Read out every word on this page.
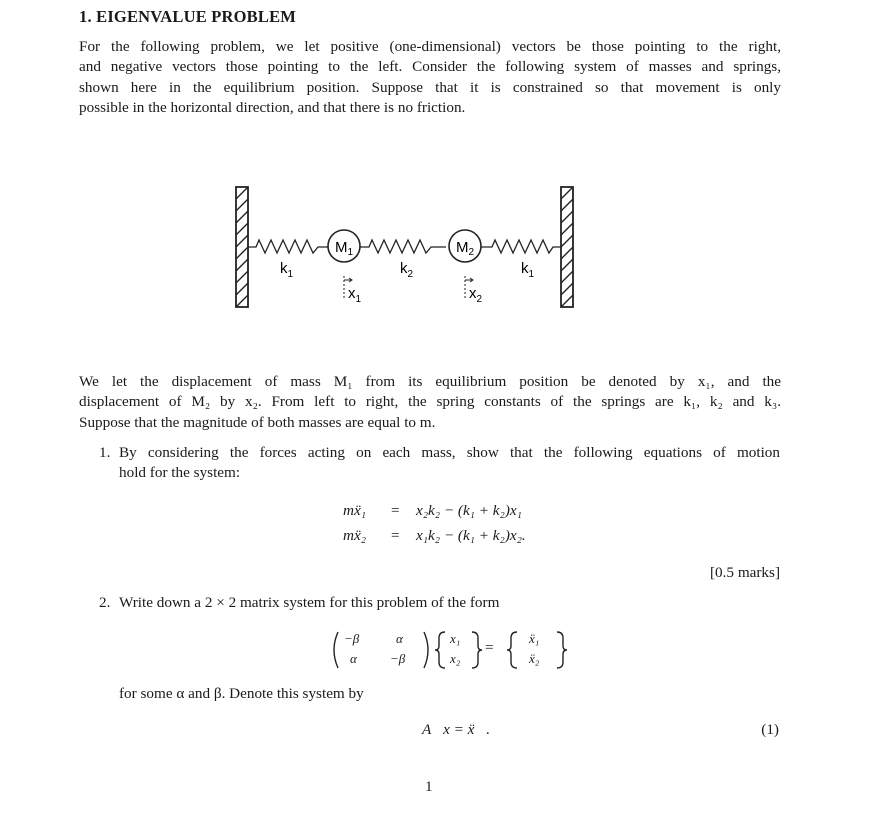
1. EIGENVALUE PROBLEM
For the following problem, we let positive (one-dimensional) vectors be those pointing to the right,
and negative vectors those pointing to the left. Consider the following system of masses and springs,
shown here in the equilibrium position. Suppose that it is constrained so that movement is only
possible in the horizontal direction, and that there is no friction.
$M_1$	$M_2$
$k_1$	$k_2$	$k_1$
$x_1$	$x_2$
We let the displacement of mass M₁ from its equilibrium position be denoted by x₁, and the
displacement of M₂ by x₂. From left to right, the spring constants of the springs are k₁, k₂ and k₃.
Suppose that the magnitude of both masses are equal to m.
1. By considering the forces acting on each mass, show that the following equations of motion
hold for the system:
mẍ₁ = x₂k₂ − (k₁ + k₂)x₁
mẍ₂ = x₁k₂ − (k₁ + k₂)x₂.
[0.5 marks]
2. Write down a 2 × 2 matrix system for this problem of the form
−β	α
α	−β
x₁
x₂
=
ẍ₁
ẍ₂
for some α and β. Denote this system by
A⃗x = ẍ⃗.	(1)
1
